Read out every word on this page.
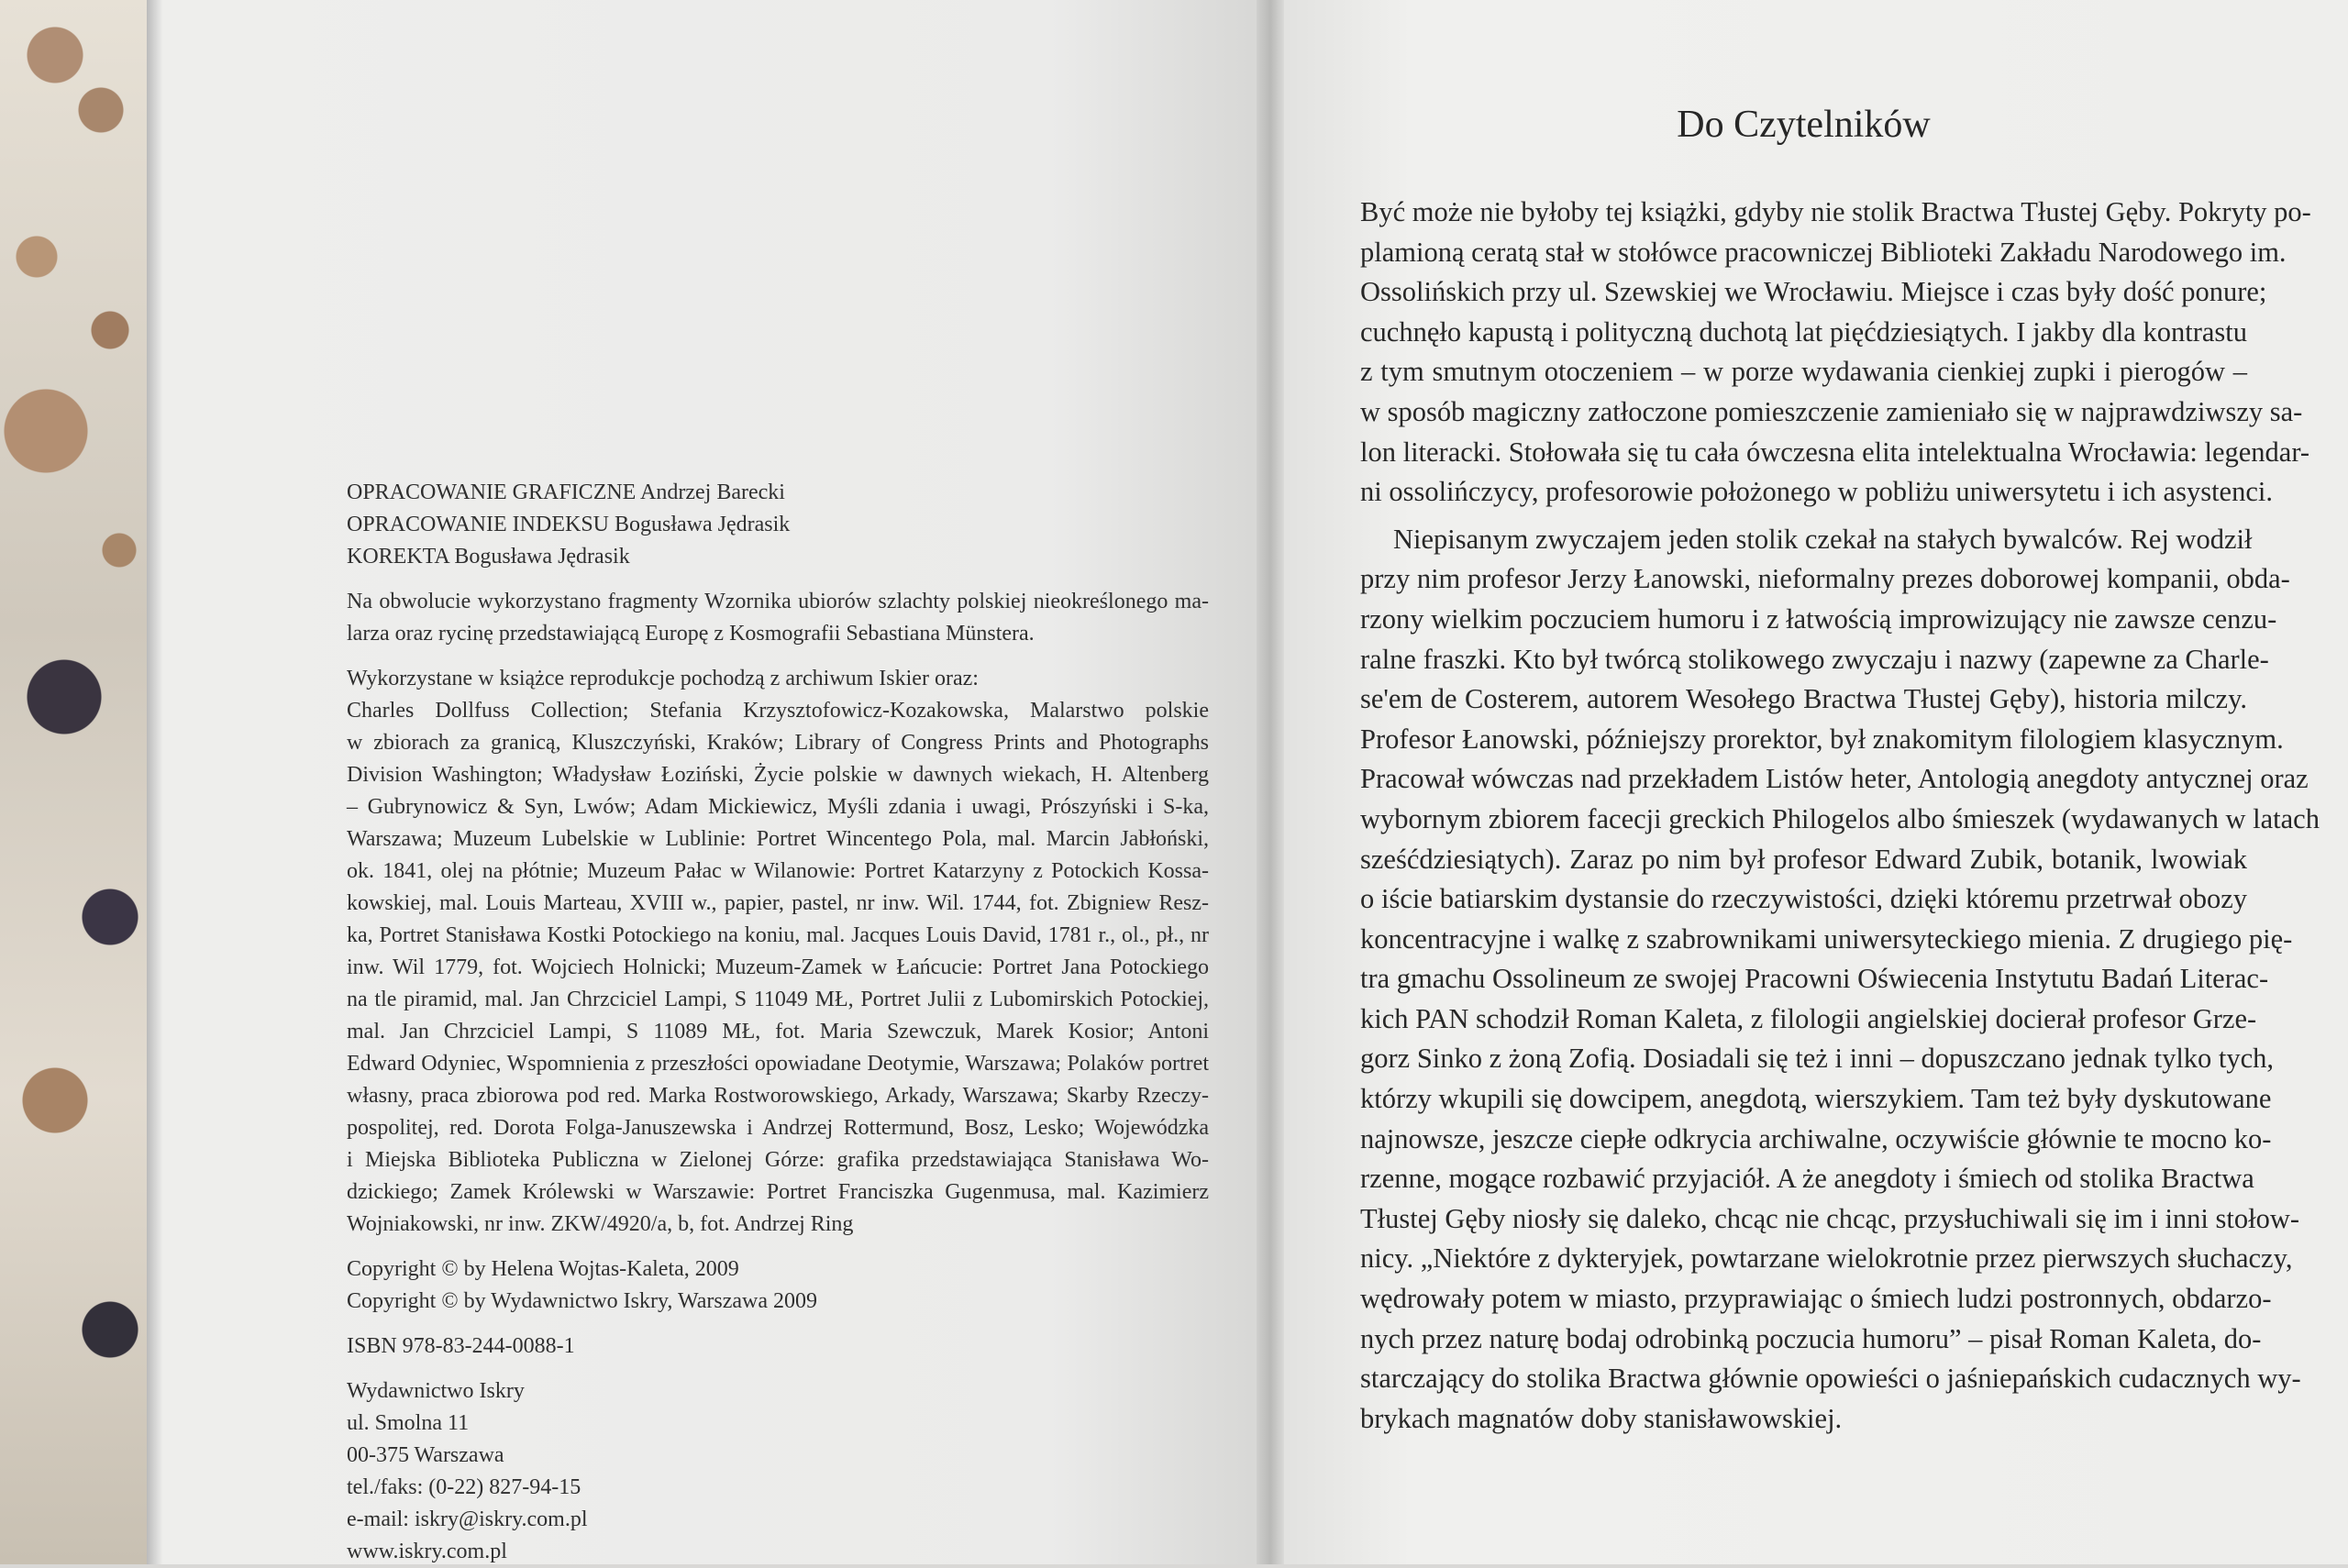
OPRACOWANIE GRAFICZNE Andrzej Barecki
OPRACOWANIE INDEKSU Bogusława Jędrasik
KOREKTA Bogusława Jędrasik
Na obwolucie wykorzystano fragmenty Wzornika ubiorów szlachty polskiej nieokreślonego ma-
larza oraz rycinę przedstawiającą Europę z Kosmografii Sebastiana Münstera.
Wykorzystane w książce reprodukcje pochodzą z archiwum Iskier oraz:
Charles Dollfuss Collection; Stefania Krzysztofowicz-Kozakowska, Malarstwo polskie
w zbiorach za granicą, Kluszczyński, Kraków; Library of Congress Prints and Photographs
Division Washington; Władysław Łoziński, Życie polskie w dawnych wiekach, H. Altenberg
– Gubrynowicz & Syn, Lwów; Adam Mickiewicz, Myśli zdania i uwagi, Prószyński i S-ka,
Warszawa; Muzeum Lubelskie w Lublinie: Portret Wincentego Pola, mal. Marcin Jabłoński,
ok. 1841, olej na płótnie; Muzeum Pałac w Wilanowie: Portret Katarzyny z Potockich Kossa-
kowskiej, mal. Louis Marteau, XVIII w., papier, pastel, nr inw. Wil. 1744, fot. Zbigniew Resz-
ka, Portret Stanisława Kostki Potockiego na koniu, mal. Jacques Louis David, 1781 r., ol., pł., nr
inw. Wil 1779, fot. Wojciech Holnicki; Muzeum-Zamek w Łańcucie: Portret Jana Potockiego
na tle piramid, mal. Jan Chrzciciel Lampi, S 11049 MŁ, Portret Julii z Lubomirskich Potockiej,
mal. Jan Chrzciciel Lampi, S 11089 MŁ, fot. Maria Szewczuk, Marek Kosior; Antoni
Edward Odyniec, Wspomnienia z przeszłości opowiadane Deotymie, Warszawa; Polaków portret
własny, praca zbiorowa pod red. Marka Rostworowskiego, Arkady, Warszawa; Skarby Rzeczy-
pospolitej, red. Dorota Folga-Januszewska i Andrzej Rottermund, Bosz, Lesko; Wojewódzka
i Miejska Biblioteka Publiczna w Zielonej Górze: grafika przedstawiająca Stanisława Wo-
dzickiego; Zamek Królewski w Warszawie: Portret Franciszka Gugenmusa, mal. Kazimierz
Wojniakowski, nr inw. ZKW/4920/a, b, fot. Andrzej Ring
Copyright © by Helena Wojtas-Kaleta, 2009
Copyright © by Wydawnictwo Iskry, Warszawa 2009
ISBN 978-83-244-0088-1
Wydawnictwo Iskry
ul. Smolna 11
00-375 Warszawa
tel./faks: (0-22) 827-94-15
e-mail: iskry@iskry.com.pl
www.iskry.com.pl
Do Czytelników
Być może nie byłoby tej książki, gdyby nie stolik Bractwa Tłustej Gęby. Pokryty po-
plamioną ceratą stał w stołówce pracowniczej Biblioteki Zakładu Narodowego im.
Ossolińskich przy ul. Szewskiej we Wrocławiu. Miejsce i czas były dość ponure;
cuchnęło kapustą i polityczną duchotą lat pięćdziesiątych. I jakby dla kontrastu
z tym smutnym otoczeniem – w porze wydawania cienkiej zupki i pierogów –
w sposób magiczny zatłoczone pomieszczenie zamieniało się w najprawdziwszy sa-
lon literacki. Stołowała się tu cała ówczesna elita intelektualna Wrocławia: legendar-
ni ossolińczycy, profesorowie położonego w pobliżu uniwersytetu i ich asystenci.
Niepisanym zwyczajem jeden stolik czekał na stałych bywalców. Rej wodził
przy nim profesor Jerzy Łanowski, nieformalny prezes doborowej kompanii, obda-
rzony wielkim poczuciem humoru i z łatwością improwizujący nie zawsze cenzu-
ralne fraszki. Kto był twórcą stolikowego zwyczaju i nazwy (zapewne za Charle-
se'em de Costerem, autorem Wesołego Bractwa Tłustej Gęby), historia milczy.
Profesor Łanowski, późniejszy prorektor, był znakomitym filologiem klasycznym.
Pracował wówczas nad przekładem Listów heter, Antologią anegdoty antycznej oraz
wybornym zbiorem facecji greckich Philogelos albo śmieszek (wydawanych w latach
sześćdziesiątych). Zaraz po nim był profesor Edward Zubik, botanik, lwowiak
o iście batiarskim dystansie do rzeczywistości, dzięki któremu przetrwał obozy
koncentracyjne i walkę z szabrownikami uniwersyteckiego mienia. Z drugiego pię-
tra gmachu Ossolineum ze swojej Pracowni Oświecenia Instytutu Badań Literac-
kich PAN schodził Roman Kaleta, z filologii angielskiej docierał profesor Grze-
gorz Sinko z żoną Zofią. Dosiadali się też i inni – dopuszczano jednak tylko tych,
którzy wkupili się dowcipem, anegdotą, wierszykiem. Tam też były dyskutowane
najnowsze, jeszcze ciepłe odkrycia archiwalne, oczywiście głównie te mocno ko-
rzenne, mogące rozbawić przyjaciół. A że anegdoty i śmiech od stolika Bractwa
Tłustej Gęby niosły się daleko, chcąc nie chcąc, przysłuchiwali się im i inni stołow-
nicy. „Niektóre z dykteryjek, powtarzane wielokrotnie przez pierwszych słuchaczy,
wędrowały potem w miasto, przyprawiając o śmiech ludzi postronnych, obdarzo-
nych przez naturę bodaj odrobinką poczucia humoru” – pisał Roman Kaleta, do-
starczający do stolika Bractwa głównie opowieści o jaśniepańskich cudacznych wy-
brykach magnatów doby stanisławowskiej.
